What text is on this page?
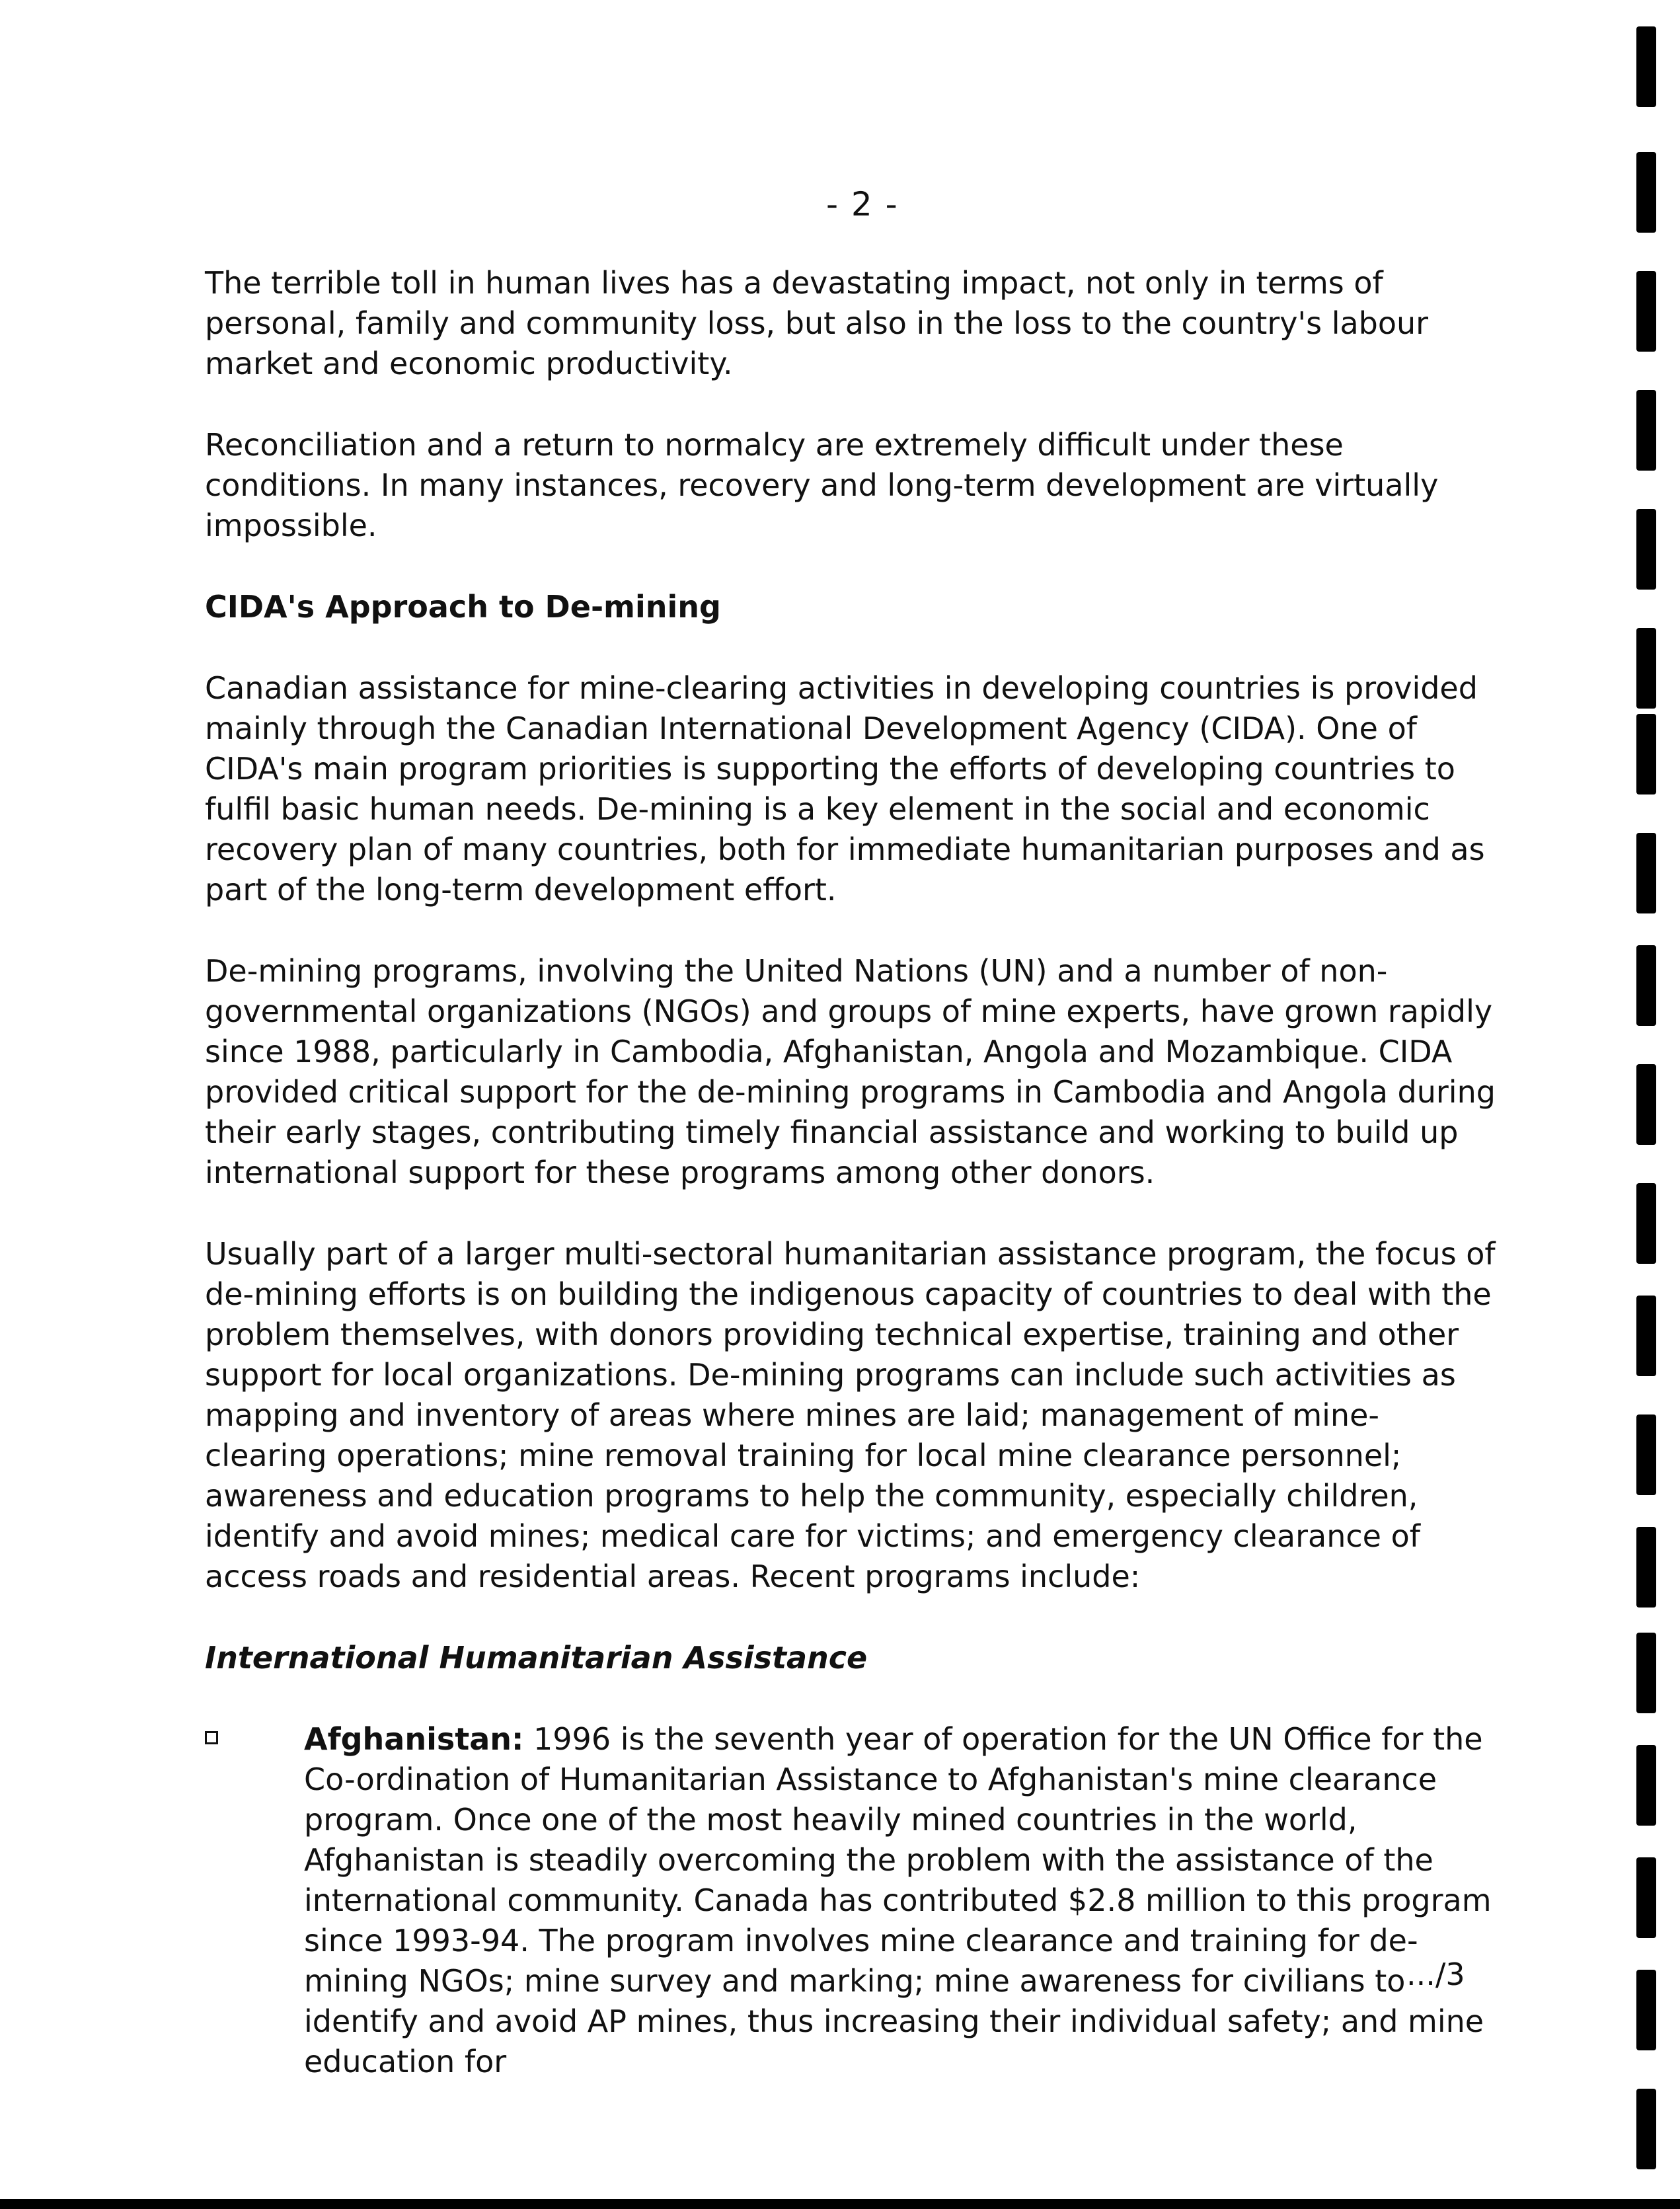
- 2 -

The terrible toll in human lives has a devastating impact, not only in terms of personal, family and community loss, but also in the loss to the country's labour market and economic productivity.

Reconciliation and a return to normalcy are extremely difficult under these conditions. In many instances, recovery and long-term development are virtually impossible.

CIDA's Approach to De-mining

Canadian assistance for mine-clearing activities in developing countries is provided mainly through the Canadian International Development Agency (CIDA). One of CIDA's main program priorities is supporting the efforts of developing countries to fulfil basic human needs. De-mining is a key element in the social and economic recovery plan of many countries, both for immediate humanitarian purposes and as part of the long-term development effort.

De-mining programs, involving the United Nations (UN) and a number of non-governmental organizations (NGOs) and groups of mine experts, have grown rapidly since 1988, particularly in Cambodia, Afghanistan, Angola and Mozambique. CIDA provided critical support for the de-mining programs in Cambodia and Angola during their early stages, contributing timely financial assistance and working to build up international support for these programs among other donors.

Usually part of a larger multi-sectoral humanitarian assistance program, the focus of de-mining efforts is on building the indigenous capacity of countries to deal with the problem themselves, with donors providing technical expertise, training and other support for local organizations. De-mining programs can include such activities as mapping and inventory of areas where mines are laid; management of mine-clearing operations; mine removal training for local mine clearance personnel; awareness and education programs to help the community, especially children, identify and avoid mines; medical care for victims; and emergency clearance of access roads and residential areas. Recent programs include:

International Humanitarian Assistance
Afghanistan: 1996 is the seventh year of operation for the UN Office for the Co-ordination of Humanitarian Assistance to Afghanistan's mine clearance program. Once one of the most heavily mined countries in the world, Afghanistan is steadily overcoming the problem with the assistance of the international community. Canada has contributed $2.8 million to this program since 1993-94. The program involves mine clearance and training for de-mining NGOs; mine survey and marking; mine awareness for civilians to identify and avoid AP mines, thus increasing their individual safety; and mine education for
.../3
